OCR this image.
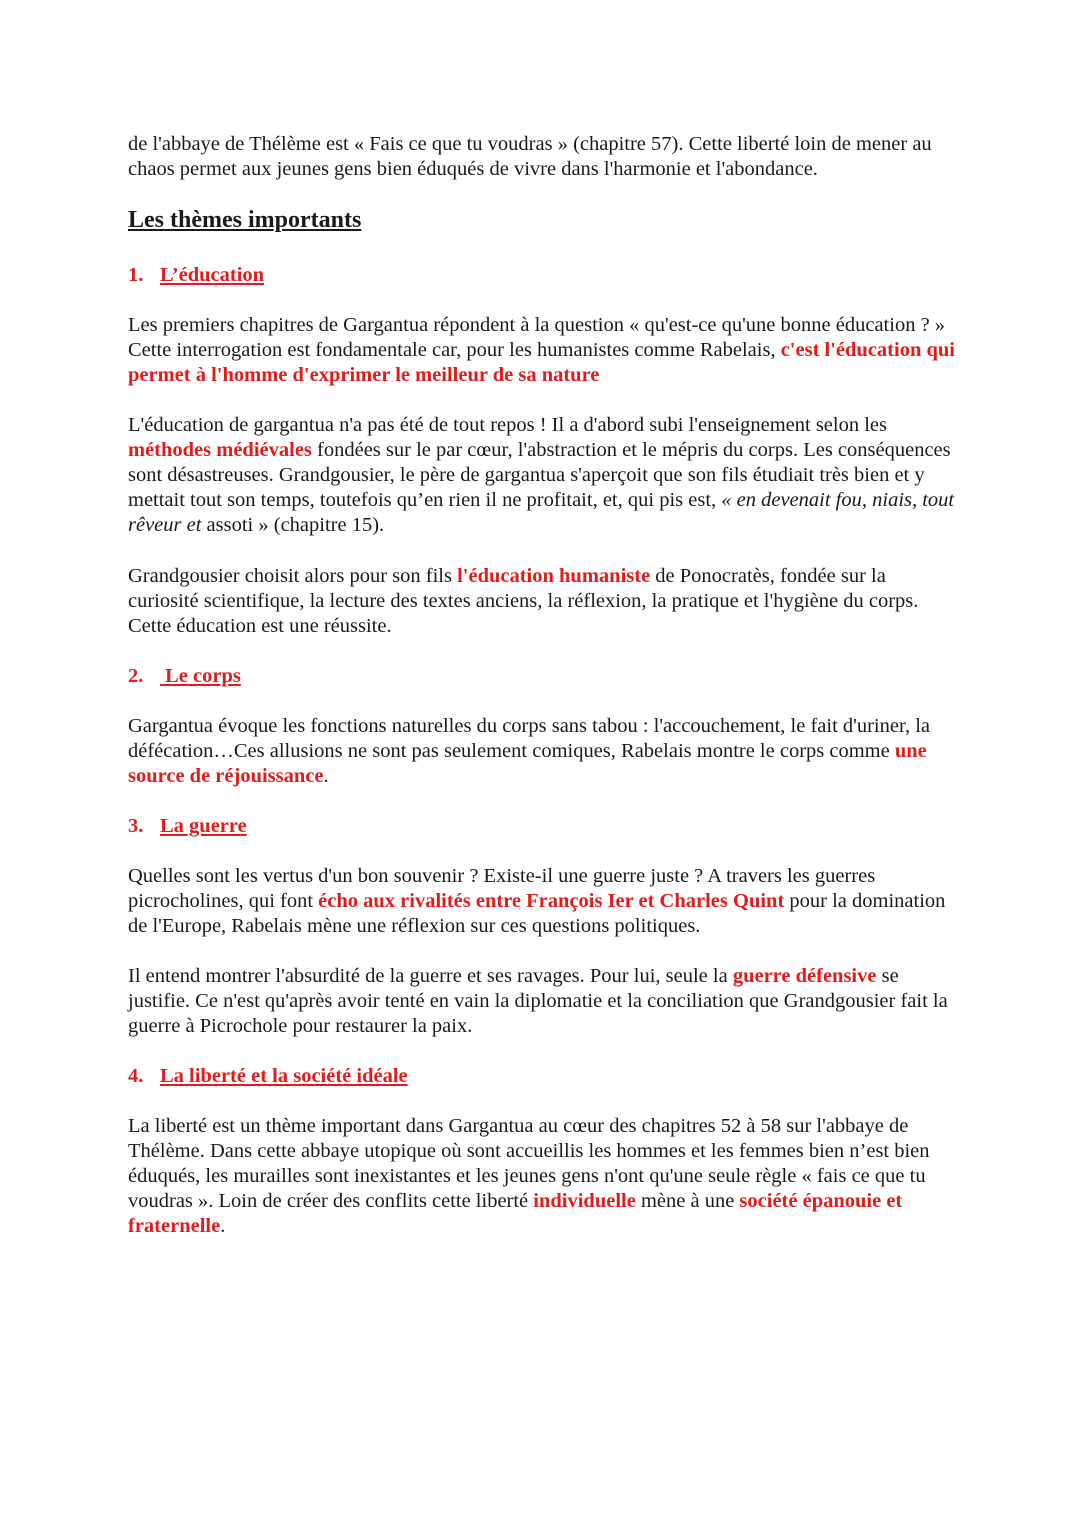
de l'abbaye de Thélème est « Fais ce que tu voudras » (chapitre 57). Cette liberté loin de mener au chaos permet aux jeunes gens bien éduqués de vivre dans l'harmonie et l'abondance.

Les thèmes importants
1. L’éducation

Les premiers chapitres de Gargantua répondent à la question « qu'est-ce qu'une bonne éducation ? » Cette interrogation est fondamentale car, pour les humanistes comme Rabelais, c'est l'éducation qui permet à l'homme d'exprimer le meilleur de sa nature

L'éducation de gargantua n'a pas été de tout repos ! Il a d'abord subi l'enseignement selon les méthodes médiévales fondées sur le par cœur, l'abstraction et le mépris du corps. Les conséquences sont désastreuses. Grandgousier, le père de gargantua s'aperçoit que son fils étudiait très bien et y mettait tout son temps, toutefois qu’en rien il ne profitait, et, qui pis est, « en devenait fou, niais, tout rêveur et assoti » (chapitre 15).

Grandgousier choisit alors pour son fils l'éducation humaniste de Ponocratès, fondée sur la curiosité scientifique, la lecture des textes anciens, la réflexion, la pratique et l'hygiène du corps. Cette éducation est une réussite.

2. Le corps

Gargantua évoque les fonctions naturelles du corps sans tabou : l'accouchement, le fait d'uriner, la défécation…Ces allusions ne sont pas seulement comiques, Rabelais montre le corps comme une source de réjouissance.

3. La guerre

Quelles sont les vertus d'un bon souvenir ? Existe-il une guerre juste ? A travers les guerres picrocholines, qui font écho aux rivalités entre François Ier et Charles Quint pour la domination de l'Europe, Rabelais mène une réflexion sur ces questions politiques.

Il entend montrer l'absurdité de la guerre et ses ravages. Pour lui, seule la guerre défensive se justifie. Ce n'est qu'après avoir tenté en vain la diplomatie et la conciliation que Grandgousier fait la guerre à Picrochole pour restaurer la paix.

4. La liberté et la société idéale

La liberté est un thème important dans Gargantua au cœur des chapitres 52 à 58 sur l'abbaye de Thélème. Dans cette abbaye utopique où sont accueillis les hommes et les femmes bien n’est bien éduqués, les murailles sont inexistantes et les jeunes gens n'ont qu'une seule règle « fais ce que tu voudras ». Loin de créer des conflits cette liberté individuelle mène à une société épanouie et fraternelle.
